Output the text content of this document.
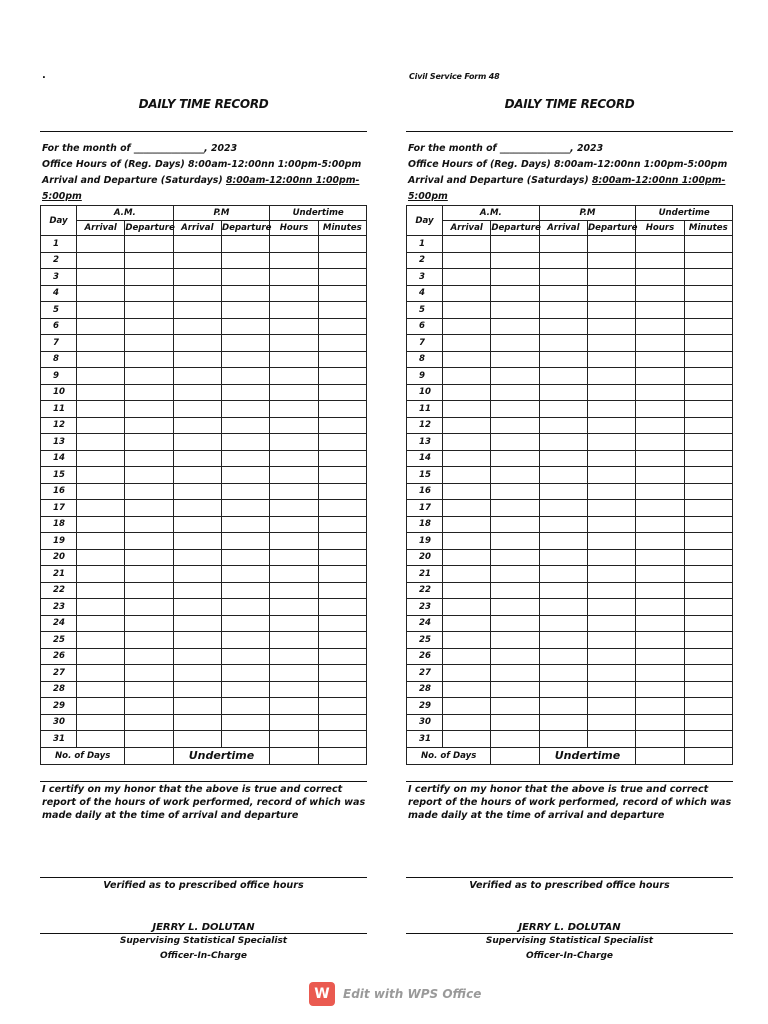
.	Civil Service Form 48
DAILY TIME RECORD
For the month of _______________, 2023
Office Hours of (Reg. Days) 8:00am-12:00nn 1:00pm-5:00pm
Arrival and Departure (Saturdays) 8:00am-12:00nn 1:00pm-5:00pm
Day	A.M.		P.M		Undertime	
	Arrival	Departure	Arrival	Departure	Hours	Minutes
1						
2						
3						
4						
5						
6						
7						
8						
9						
10						
11						
12						
13						
14						
15						
16						
17						
18						
19						
20						
21						
22						
23						
24						
25						
26						
27						
28						
29						
30						
31						
No. of Days			Undertime			
I certify on my honor that the above is true and correct report of the hours of work performed, record of which was made daily at the time of arrival and departure
Verified as to prescribed office hours
JERRY L. DOLUTAN
Supervising Statistical Specialist
Officer-In-Charge
DAILY TIME RECORD
For the month of _______________, 2023
Office Hours of (Reg. Days) 8:00am-12:00nn 1:00pm-5:00pm
Arrival and Departure (Saturdays) 8:00am-12:00nn 1:00pm-5:00pm
Day	A.M.		P.M		Undertime	
	Arrival	Departure	Arrival	Departure	Hours	Minutes
1						
2						
3						
4						
5						
6						
7						
8						
9						
10						
11						
12						
13						
14						
15						
16						
17						
18						
19						
20						
21						
22						
23						
24						
25						
26						
27						
28						
29						
30						
31						
No. of Days			Undertime			
I certify on my honor that the above is true and correct report of the hours of work performed, record of which was made daily at the time of arrival and departure
Verified as to prescribed office hours
JERRY L. DOLUTAN
Supervising Statistical Specialist
Officer-In-Charge
W	Edit with WPS Office
